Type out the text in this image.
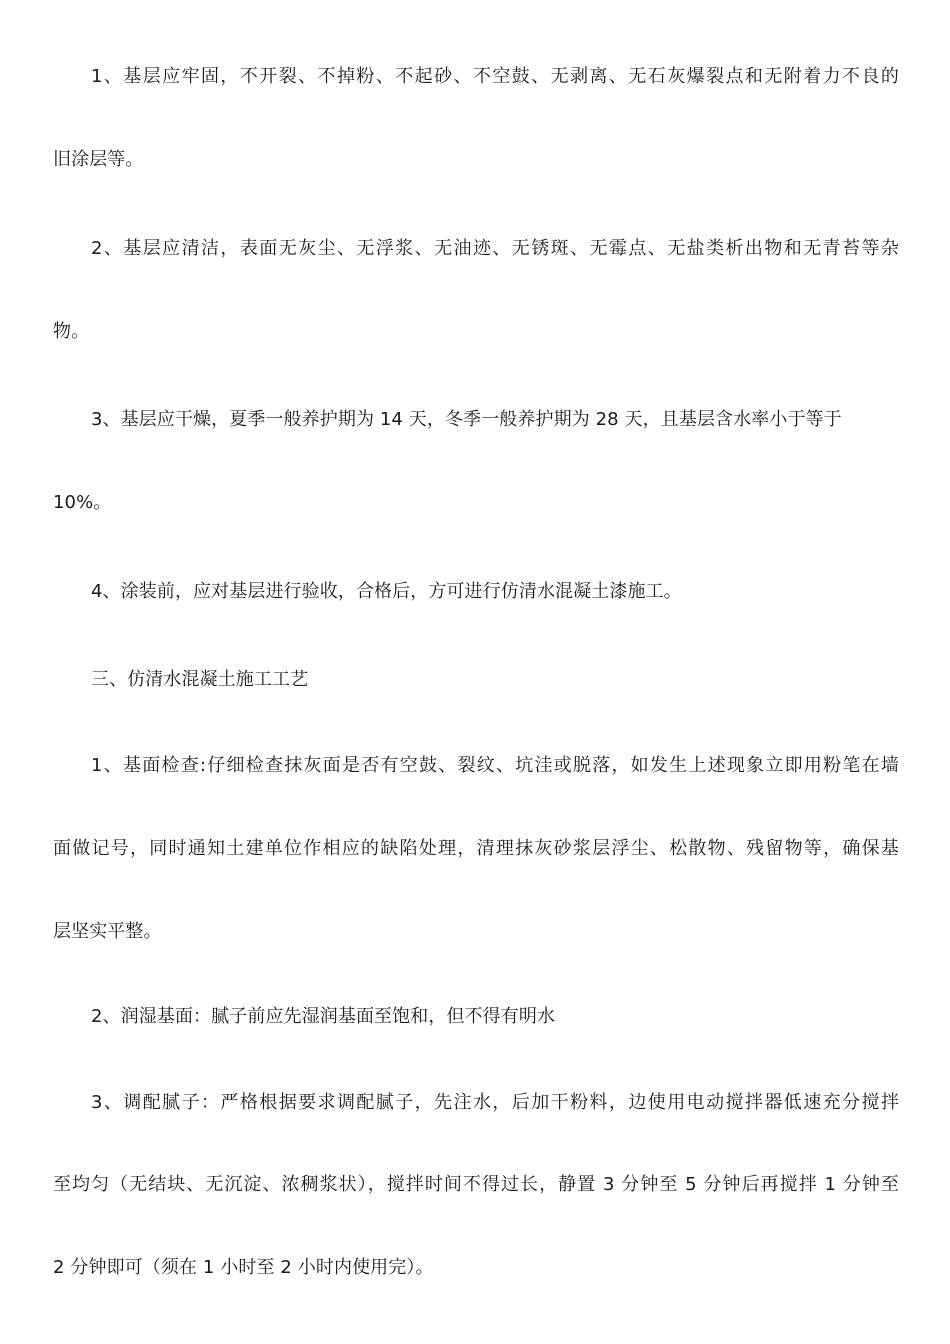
1、基层应牢固，不开裂、不掉粉、不起砂、不空鼓、无剥离、无石灰爆裂点和无附着力不良的
旧涂层等。
2、基层应清洁，表面无灰尘、无浮浆、无油迹、无锈斑、无霉点、无盐类析出物和无青苔等杂
物。
3、基层应干燥，夏季一般养护期为 14 天，冬季一般养护期为 28 天，且基层含水率小于等于
10%。
4、涂装前，应对基层进行验收，合格后，方可进行仿清水混凝土漆施工。
三、仿清水混凝土施工工艺
1、基面检查:仔细检查抹灰面是否有空鼓、裂纹、坑洼或脱落，如发生上述现象立即用粉笔在墙
面做记号，同时通知土建单位作相应的缺陷处理，清理抹灰砂浆层浮尘、松散物、残留物等，确保基
层坚实平整。
2、润湿基面：腻子前应先湿润基面至饱和，但不得有明水
3、调配腻子：严格根据要求调配腻子，先注水，后加干粉料，边使用电动搅拌器低速充分搅拌
至均匀（无结块、无沉淀、浓稠浆状），搅拌时间不得过长，静置 3 分钟至 5 分钟后再搅拌 1 分钟至
2 分钟即可（须在 1 小时至 2 小时内使用完）。
